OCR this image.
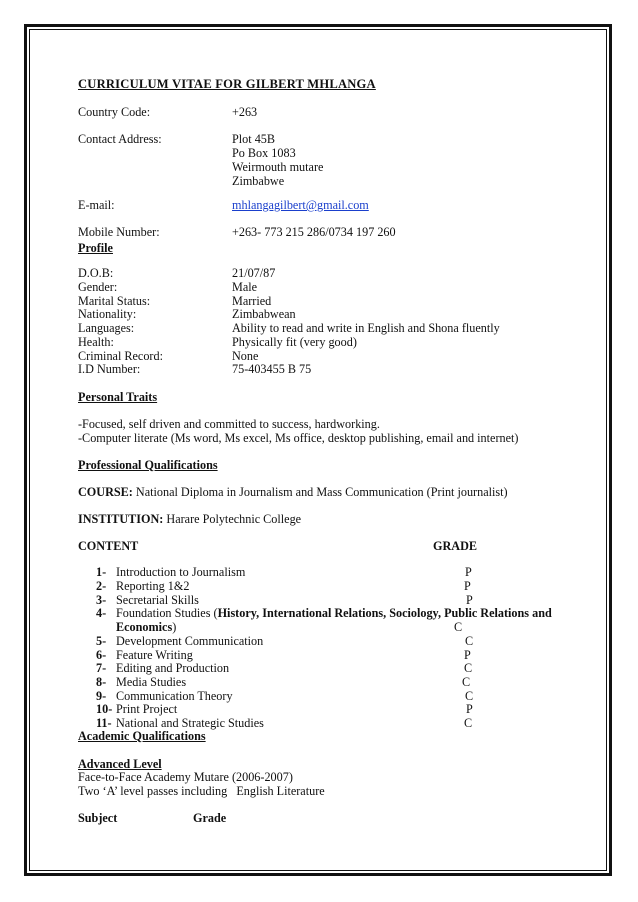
CURRICULUM VITAE FOR GILBERT MHLANGA
Country Code:	+263
Contact Address:	Plot 45B
Po Box 1083
Weirmouth mutare
Zimbabwe
E-mail:	mhlangagilbert@gmail.com
Mobile Number:	+263- 773 215 286/0734 197 260
Profile
D.O.B:	21/07/87
Gender:	Male
Marital Status:	Married
Nationality:	Zimbabwean
Languages:	Ability to read and write in English and Shona fluently
Health:	Physically fit (very good)
Criminal Record:	None
I.D Number:	75-403455 B 75
Personal Traits
-Focused, self driven and committed to success, hardworking.
-Computer literate (Ms word, Ms excel, Ms office, desktop publishing, email and internet)
Professional Qualifications
COURSE: National Diploma in Journalism and Mass Communication (Print journalist)
INSTITUTION: Harare Polytechnic College
CONTENT	GRADE
1- Introduction to Journalism	P
2- Reporting 1&2	P
3- Secretarial Skills	P
4- Foundation Studies (History, International Relations, Sociology, Public Relations and
Economics)	C
5- Development Communication	C
6- Feature Writing	P
7- Editing and Production	C
8- Media Studies	C
9- Communication Theory	C
10- Print Project	P
11- National and Strategic Studies	C
Academic Qualifications
Advanced Level
Face-to-Face Academy Mutare (2006-2007)
Two ‘A’ level passes including   English Literature
Subject	Grade
